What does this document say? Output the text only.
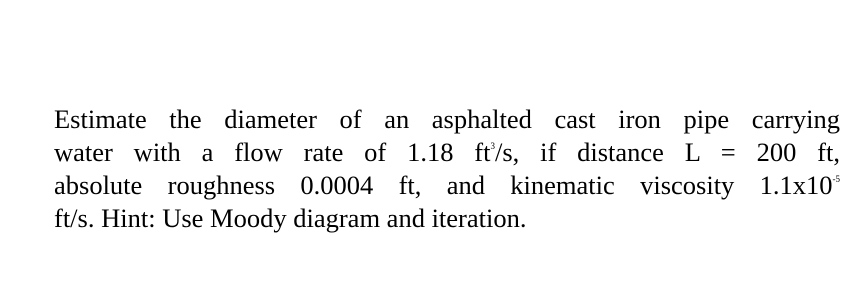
Estimate the diameter of an asphalted cast iron pipe carrying
water with a flow rate of 1.18 $ft^3/s$, if distance L = 200 ft,
absolute roughness 0.0004 ft, and kinematic viscosity $1.1x10^{-5}$
ft/s. Hint: Use Moody diagram and iteration.
